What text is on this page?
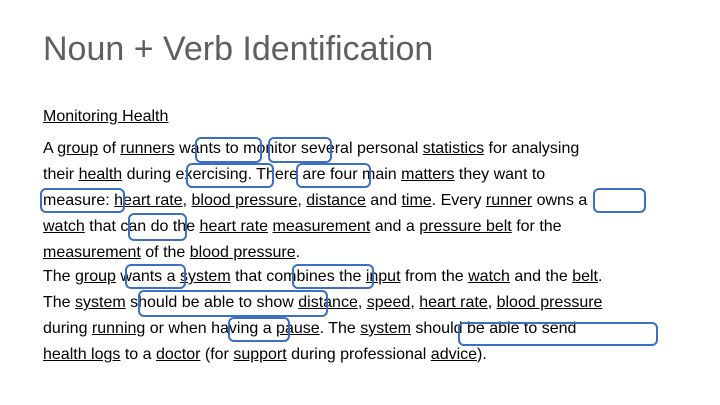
Noun + Verb Identification
Monitoring Health
A group of runners wants to monitor several personal statistics for analysing
their health during exercising. There are four main matters they want to
measure: heart rate, blood pressure, distance and time. Every runner owns a
watch that can do the heart rate measurement and a pressure belt for the
measurement of the blood pressure.
The group wants a system that combines the input from the watch and the belt.
The system should be able to show distance, speed, heart rate, blood pressure
during running or when having a pause. The system should be able to send
health logs to a doctor (for support during professional advice).
